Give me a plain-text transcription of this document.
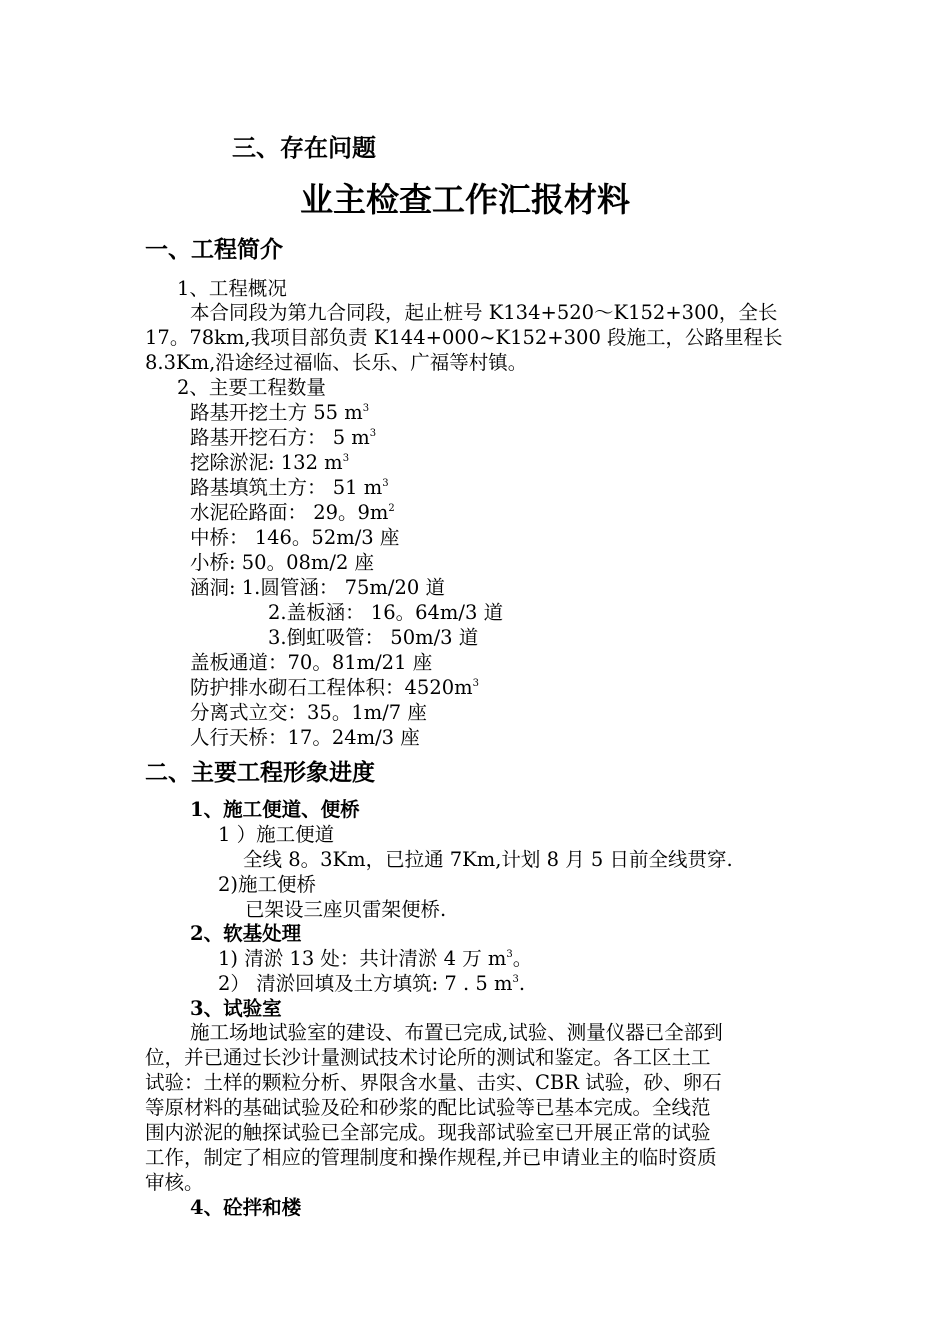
三、存在问题
业主检查工作汇报材料
一、工程简介
1、工程概况
本合同段为第九合同段，起止桩号 K134+520～K152+300，全长
17。78km,我项目部负责 K144+000~K152+300 段施工，公路里程长
8.3Km,沿途经过福临、长乐、广福等村镇。
2、主要工程数量
路基开挖土方 55 $m^3$
路基开挖石方： 5 $m^3$
挖除淤泥: 132 $m^3$
路基填筑土方： 51 $m^3$
水泥砼路面： 29。$9m^2$
中桥： 146。52m/3 座
小桥: 50。08m/2 座
涵洞: 1.圆管涵： 75m/20 道
2.盖板涵： 16。64m/3 道
3.倒虹吸管： 50m/3 道
盖板通道：70。81m/21 座
防护排水砌石工程体积：$4520m^3$
分离式立交：35。1m/7 座
人行天桥：17。24m/3 座
二、主要工程形象进度
1、施工便道、便桥
1 ）施工便道
全线 8。3Km，已拉通 7Km,计划 8 月 5 日前全线贯穿.
2)施工便桥
已架设三座贝雷架便桥.
2、软基处理
1) 清淤 13 处：共计清淤 4 万 $m^3$。
2） 清淤回填及土方填筑: 7 . 5 $m^3$.
3、试验室
施工场地试验室的建设、布置已完成,试验、测量仪器已全部到
位，并已通过长沙计量测试技术讨论所的测试和鉴定。各工区土工
试验：土样的颗粒分析、界限含水量、击实、CBR 试验，砂、卵石
等原材料的基础试验及砼和砂浆的配比试验等已基本完成。全线范
围内淤泥的触探试验已全部完成。现我部试验室已开展正常的试验
工作，制定了相应的管理制度和操作规程,并已申请业主的临时资质
审核。
4、砼拌和楼
